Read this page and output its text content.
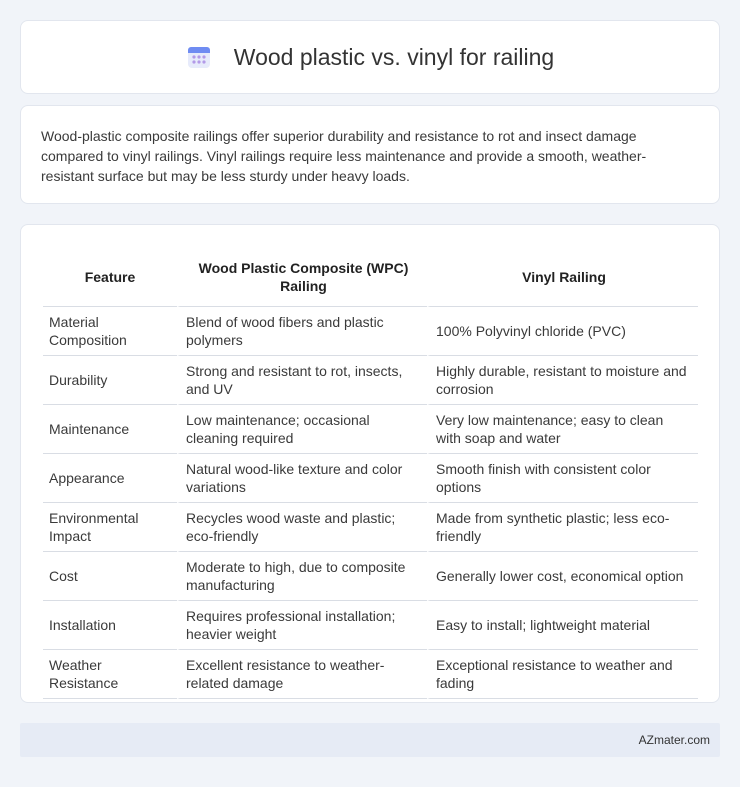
Wood plastic vs. vinyl for railing

Wood-plastic composite railings offer superior durability and resistance to rot and insect damage compared to vinyl railings. Vinyl railings require less maintenance and provide a smooth, weather-resistant surface but may be less sturdy under heavy loads.

Feature	Wood Plastic Composite (WPC) Railing	Vinyl Railing
Material Composition	Blend of wood fibers and plastic polymers	100% Polyvinyl chloride (PVC)
Durability	Strong and resistant to rot, insects, and UV	Highly durable, resistant to moisture and corrosion
Maintenance	Low maintenance; occasional cleaning required	Very low maintenance; easy to clean with soap and water
Appearance	Natural wood-like texture and color variations	Smooth finish with consistent color options
Environmental Impact	Recycles wood waste and plastic; eco-friendly	Made from synthetic plastic; less eco-friendly
Cost	Moderate to high, due to composite manufacturing	Generally lower cost, economical option
Installation	Requires professional installation; heavier weight	Easy to install; lightweight material
Weather Resistance	Excellent resistance to weather-related damage	Exceptional resistance to weather and fading
AZmater.com
